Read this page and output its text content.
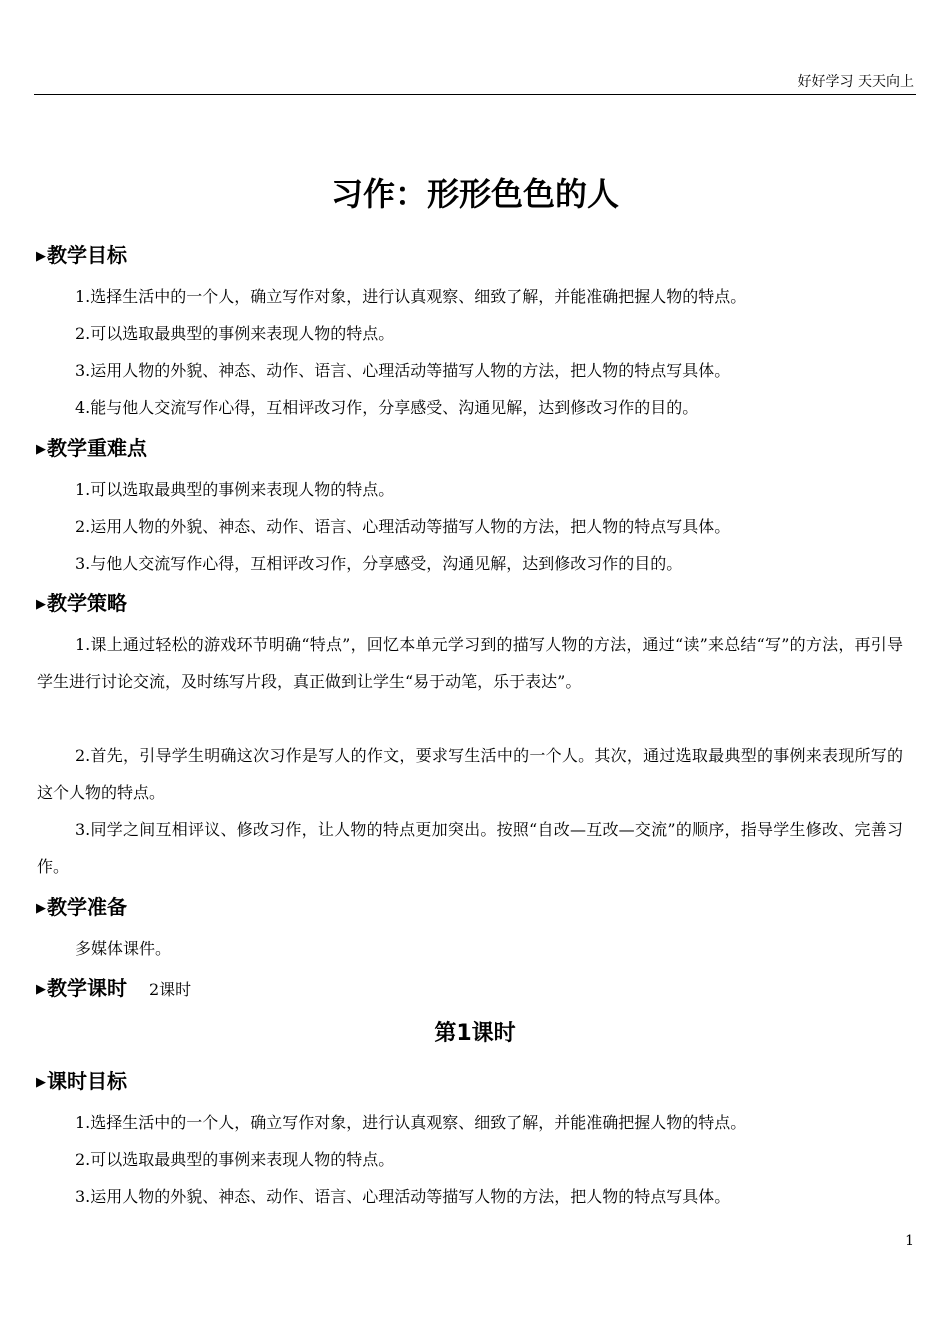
好好学习 天天向上
习作：形形色色的人
▶教学目标
1.选择生活中的一个人，确立写作对象，进行认真观察、细致了解，并能准确把握人物的特点。
2.可以选取最典型的事例来表现人物的特点。
3.运用人物的外貌、神态、动作、语言、心理活动等描写人物的方法，把人物的特点写具体。
4.能与他人交流写作心得，互相评改习作，分享感受、沟通见解，达到修改习作的目的。
▶教学重难点
1.可以选取最典型的事例来表现人物的特点。
2.运用人物的外貌、神态、动作、语言、心理活动等描写人物的方法，把人物的特点写具体。
3.与他人交流写作心得，互相评改习作，分享感受，沟通见解，达到修改习作的目的。
▶教学策略
1.课上通过轻松的游戏环节明确“特点”，回忆本单元学习到的描写人物的方法，通过“读”来总结“写”的方法，再引导学生进行讨论交流，及时练写片段，真正做到让学生“易于动笔，乐于表达”。
2.首先，引导学生明确这次习作是写人的作文，要求写生活中的一个人。其次，通过选取最典型的事例来表现所写的这个人物的特点。
3.同学之间互相评议、修改习作，让人物的特点更加突出。按照“自改—互改—交流”的顺序，指导学生修改、完善习作。
▶教学准备
多媒体课件。
▶教学课时 2课时
第1课时
▶课时目标
1.选择生活中的一个人，确立写作对象，进行认真观察、细致了解，并能准确把握人物的特点。
2.可以选取最典型的事例来表现人物的特点。
3.运用人物的外貌、神态、动作、语言、心理活动等描写人物的方法，把人物的特点写具体。
1
